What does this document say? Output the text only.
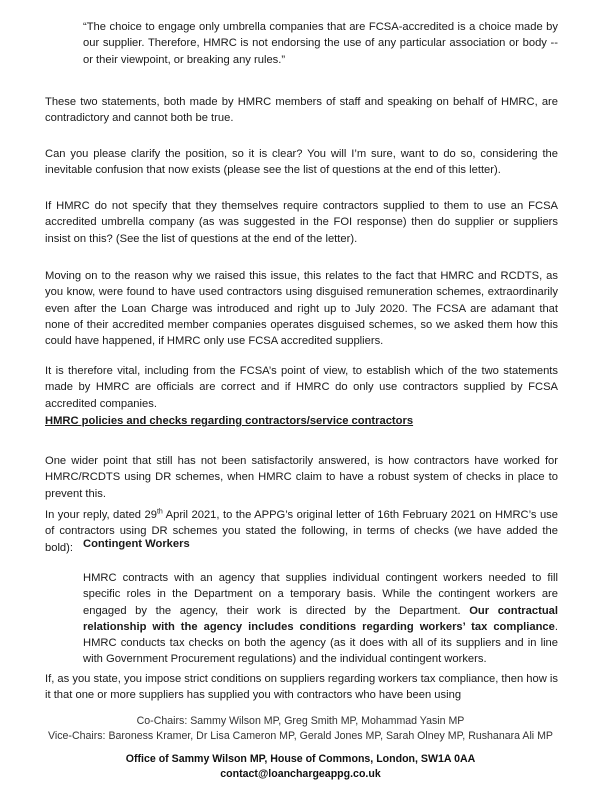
“The choice to engage only umbrella companies that are FCSA-accredited is a choice made by our supplier. Therefore, HMRC is not endorsing the use of any particular association or body -- or their viewpoint, or breaking any rules.”

These two statements, both made by HMRC members of staff and speaking on behalf of HMRC, are contradictory and cannot both be true.

Can you please clarify the position, so it is clear? You will I’m sure, want to do so, considering the inevitable confusion that now exists (please see the list of questions at the end of this letter).

If HMRC do not specify that they themselves require contractors supplied to them to use an FCSA accredited umbrella company (as was suggested in the FOI response) then do supplier or suppliers insist on this? (See the list of questions at the end of the letter).

Moving on to the reason why we raised this issue, this relates to the fact that HMRC and RCDTS, as you know, were found to have used contractors using disguised remuneration schemes, extraordinarily even after the Loan Charge was introduced and right up to July 2020. The FCSA are adamant that none of their accredited member companies operates disguised schemes, so we asked them how this could have happened, if HMRC only use FCSA accredited suppliers.

It is therefore vital, including from the FCSA’s point of view, to establish which of the two statements made by HMRC are officials are correct and if HMRC do only use contractors supplied by FCSA accredited companies.

HMRC policies and checks regarding contractors/service contractors

One wider point that still has not been satisfactorily answered, is how contractors have worked for HMRC/RCDTS using DR schemes, when HMRC claim to have a robust system of checks in place to prevent this.

In your reply, dated 29th April 2021, to the APPG’s original letter of 16th February 2021 on HMRC’s use of contractors using DR schemes you stated the following, in terms of checks (we have added the bold): Contingent Workers

HMRC contracts with an agency that supplies individual contingent workers needed to fill specific roles in the Department on a temporary basis. While the contingent workers are engaged by the agency, their work is directed by the Department. Our contractual relationship with the agency includes conditions regarding workers’ tax compliance. HMRC conducts tax checks on both the agency (as it does with all of its suppliers and in line with Government Procurement regulations) and the individual contingent workers.

If, as you state, you impose strict conditions on suppliers regarding workers tax compliance, then how is it that one or more suppliers has supplied you with contractors who have been using

Co-Chairs: Sammy Wilson MP, Greg Smith MP, Mohammad Yasin MP
Vice-Chairs: Baroness Kramer, Dr Lisa Cameron MP, Gerald Jones MP, Sarah Olney MP, Rushanara Ali MP
Office of Sammy Wilson MP, House of Commons, London, SW1A 0AA
contact@loanchargeappg.co.uk
